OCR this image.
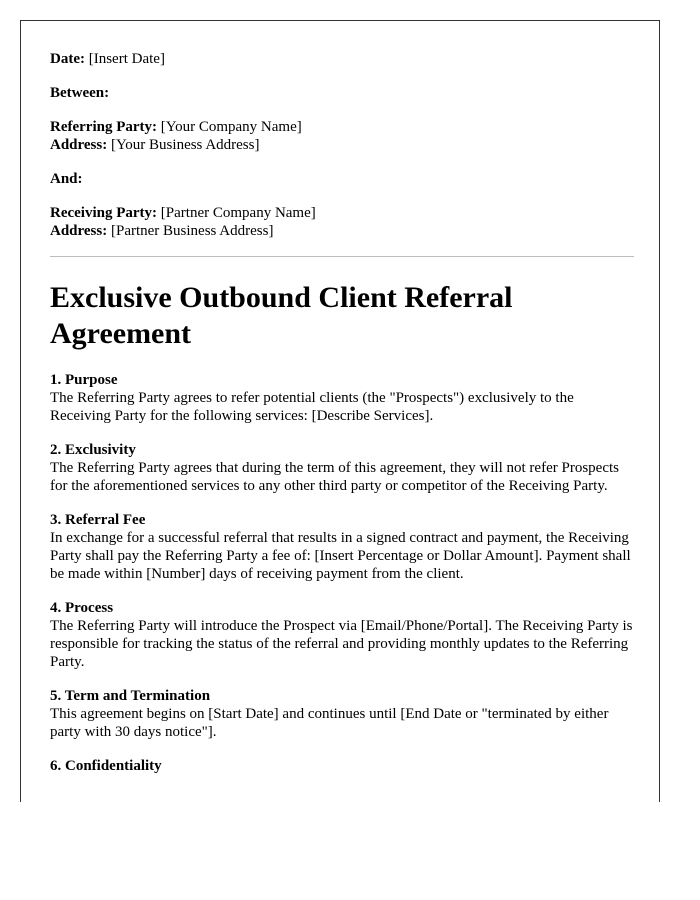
Date: [Insert Date]

Between:

Referring Party: [Your Company Name]

Address: [Your Business Address]

And:

Receiving Party: [Partner Company Name]

Address: [Partner Business Address]

Exclusive Outbound Client Referral Agreement
1. Purpose
The Referring Party agrees to refer potential clients (the "Prospects") exclusively to the Receiving Party for the following services: [Describe Services].
2. Exclusivity
The Referring Party agrees that during the term of this agreement, they will not refer Prospects for the aforementioned services to any other third party or competitor of the Receiving Party.
3. Referral Fee
In exchange for a successful referral that results in a signed contract and payment, the Receiving Party shall pay the Referring Party a fee of: [Insert Percentage or Dollar Amount]. Payment shall be made within [Number] days of receiving payment from the client.
4. Process
The Referring Party will introduce the Prospect via [Email/Phone/Portal]. The Receiving Party is responsible for tracking the status of the referral and providing monthly updates to the Referring Party.
5. Term and Termination
This agreement begins on [Start Date] and continues until [End Date or "terminated by either party with 30 days notice"].
6. Confidentiality
